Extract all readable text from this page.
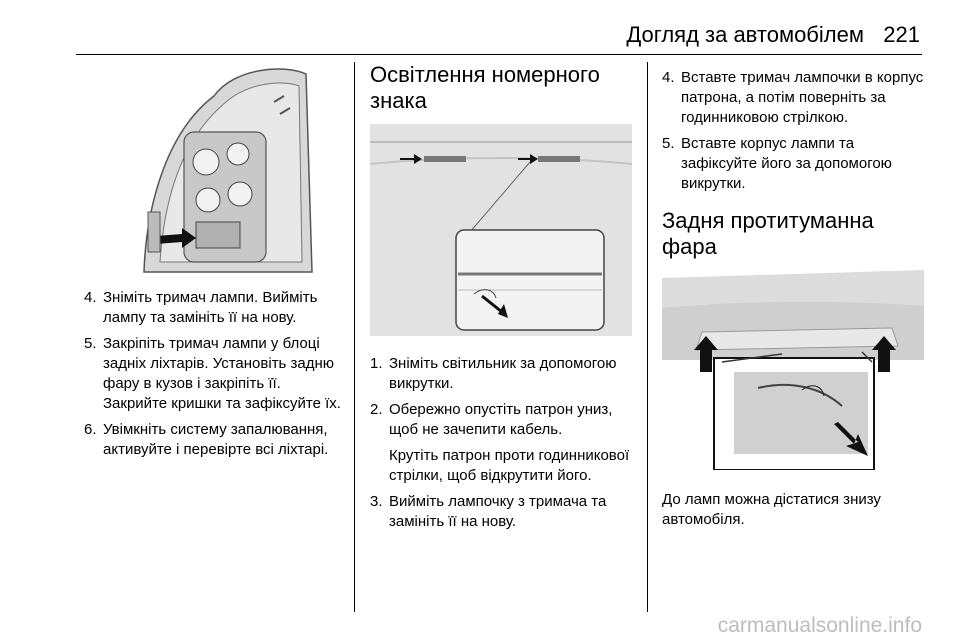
Догляд за автомобілем 221
4. Зніміть тримач лампи. Вийміть лампу та замініть її на нову.
5. Закріпіть тримач лампи у блоці задніх ліхтарів. Установіть задню фару в кузов і закріпіть її. Закрийте кришки та зафіксуйте їх.
6. Увімкніть систему запалювання, активуйте і перевірте всі ліхтарі.
Освітлення номерного знака
1. Зніміть світильник за допомогою викрутки.
2. Обережно опустіть патрон униз, щоб не зачепити кабель.
Крутіть патрон проти годинникової стрілки, щоб відкрутити його.
3. Вийміть лампочку з тримача та замініть її на нову.
4. Вставте тримач лампочки в корпус патрона, а потім поверніть за годинниковою стрілкою.
5. Вставте корпус лампи та зафіксуйте його за допомогою викрутки.
Задня протитуманна фара

До ламп можна дістатися знизу автомобіля.

carmanualsonline.info
